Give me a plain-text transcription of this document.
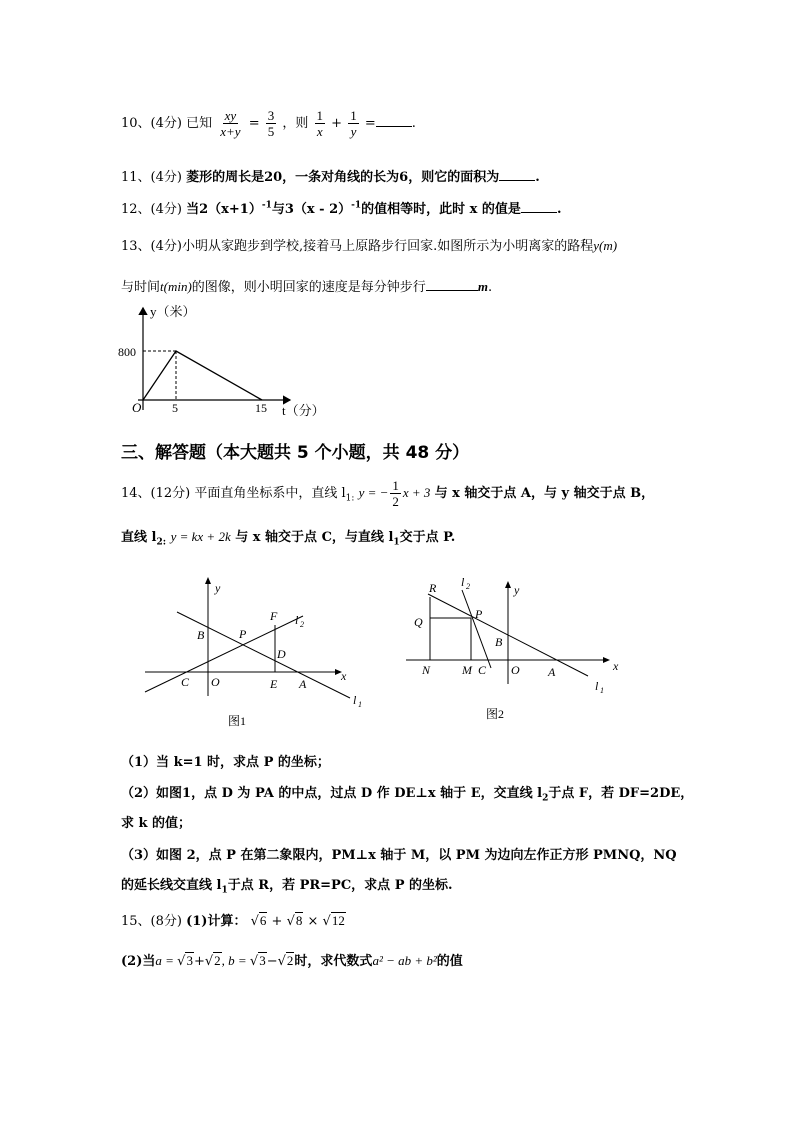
10、(4分) 已知 $\frac{xy}{x+y} = \frac{3}{5}$ ，则 $\frac{1}{x} + \frac{1}{y}$ =	.
11、(4分) 菱形的周长是20，一条对角线的长为6，则它的面积为	.
12、(4分) 当$2(x+1)^{-1}$与3（x - 2）$^{-1}$的值相等时，此时 x 的值是	.
13、(4分)小明从家跑步到学校,接着马上原路步行回家.如图所示为小明离家的路程y(m)
与时间t(min)的图像，则小明回家的速度是每分钟步行	m.
y（米）
t（分）
O
800
5	15
三、解答题（本大题共 5 个小题，共 48 分）
14、(12分) 平面直角坐标系中，直线 $l_{1:}$ y = − $\frac{1}{2}$ x + 3 与 x 轴交于点 A，与 y 轴交于点 B，
直线 $l_{2:}$ y = kx + 2k 与 x 轴交于点 C，与直线 $l_1$交于点 P.
y
x
B	P
F l 2
D
C O	E A
l 1
图1
y
x
R l 2
P
Q
B
N	M C O A
l 1
图2
（1）当 k=1 时，求点 P 的坐标；
（2）如图1，点 D 为 PA 的中点，过点 D 作 DE⊥x 轴于 E，交直线 $l_2$于点 F，若 DF=2DE，
求 k 的值；
（3）如图 2，点 P 在第二象限内，PM⊥x 轴于 M，以 PM 为边向左作正方形 PMNQ，NQ
的延长线交直线 $l_1$于点 R，若 PR=PC，求点 P 的坐标.
15、(8分) (1)计算： √6 + √8 × √12
(2)当a = √3+√2, b = √3−√2时，求代数式a² − ab + b²的值
